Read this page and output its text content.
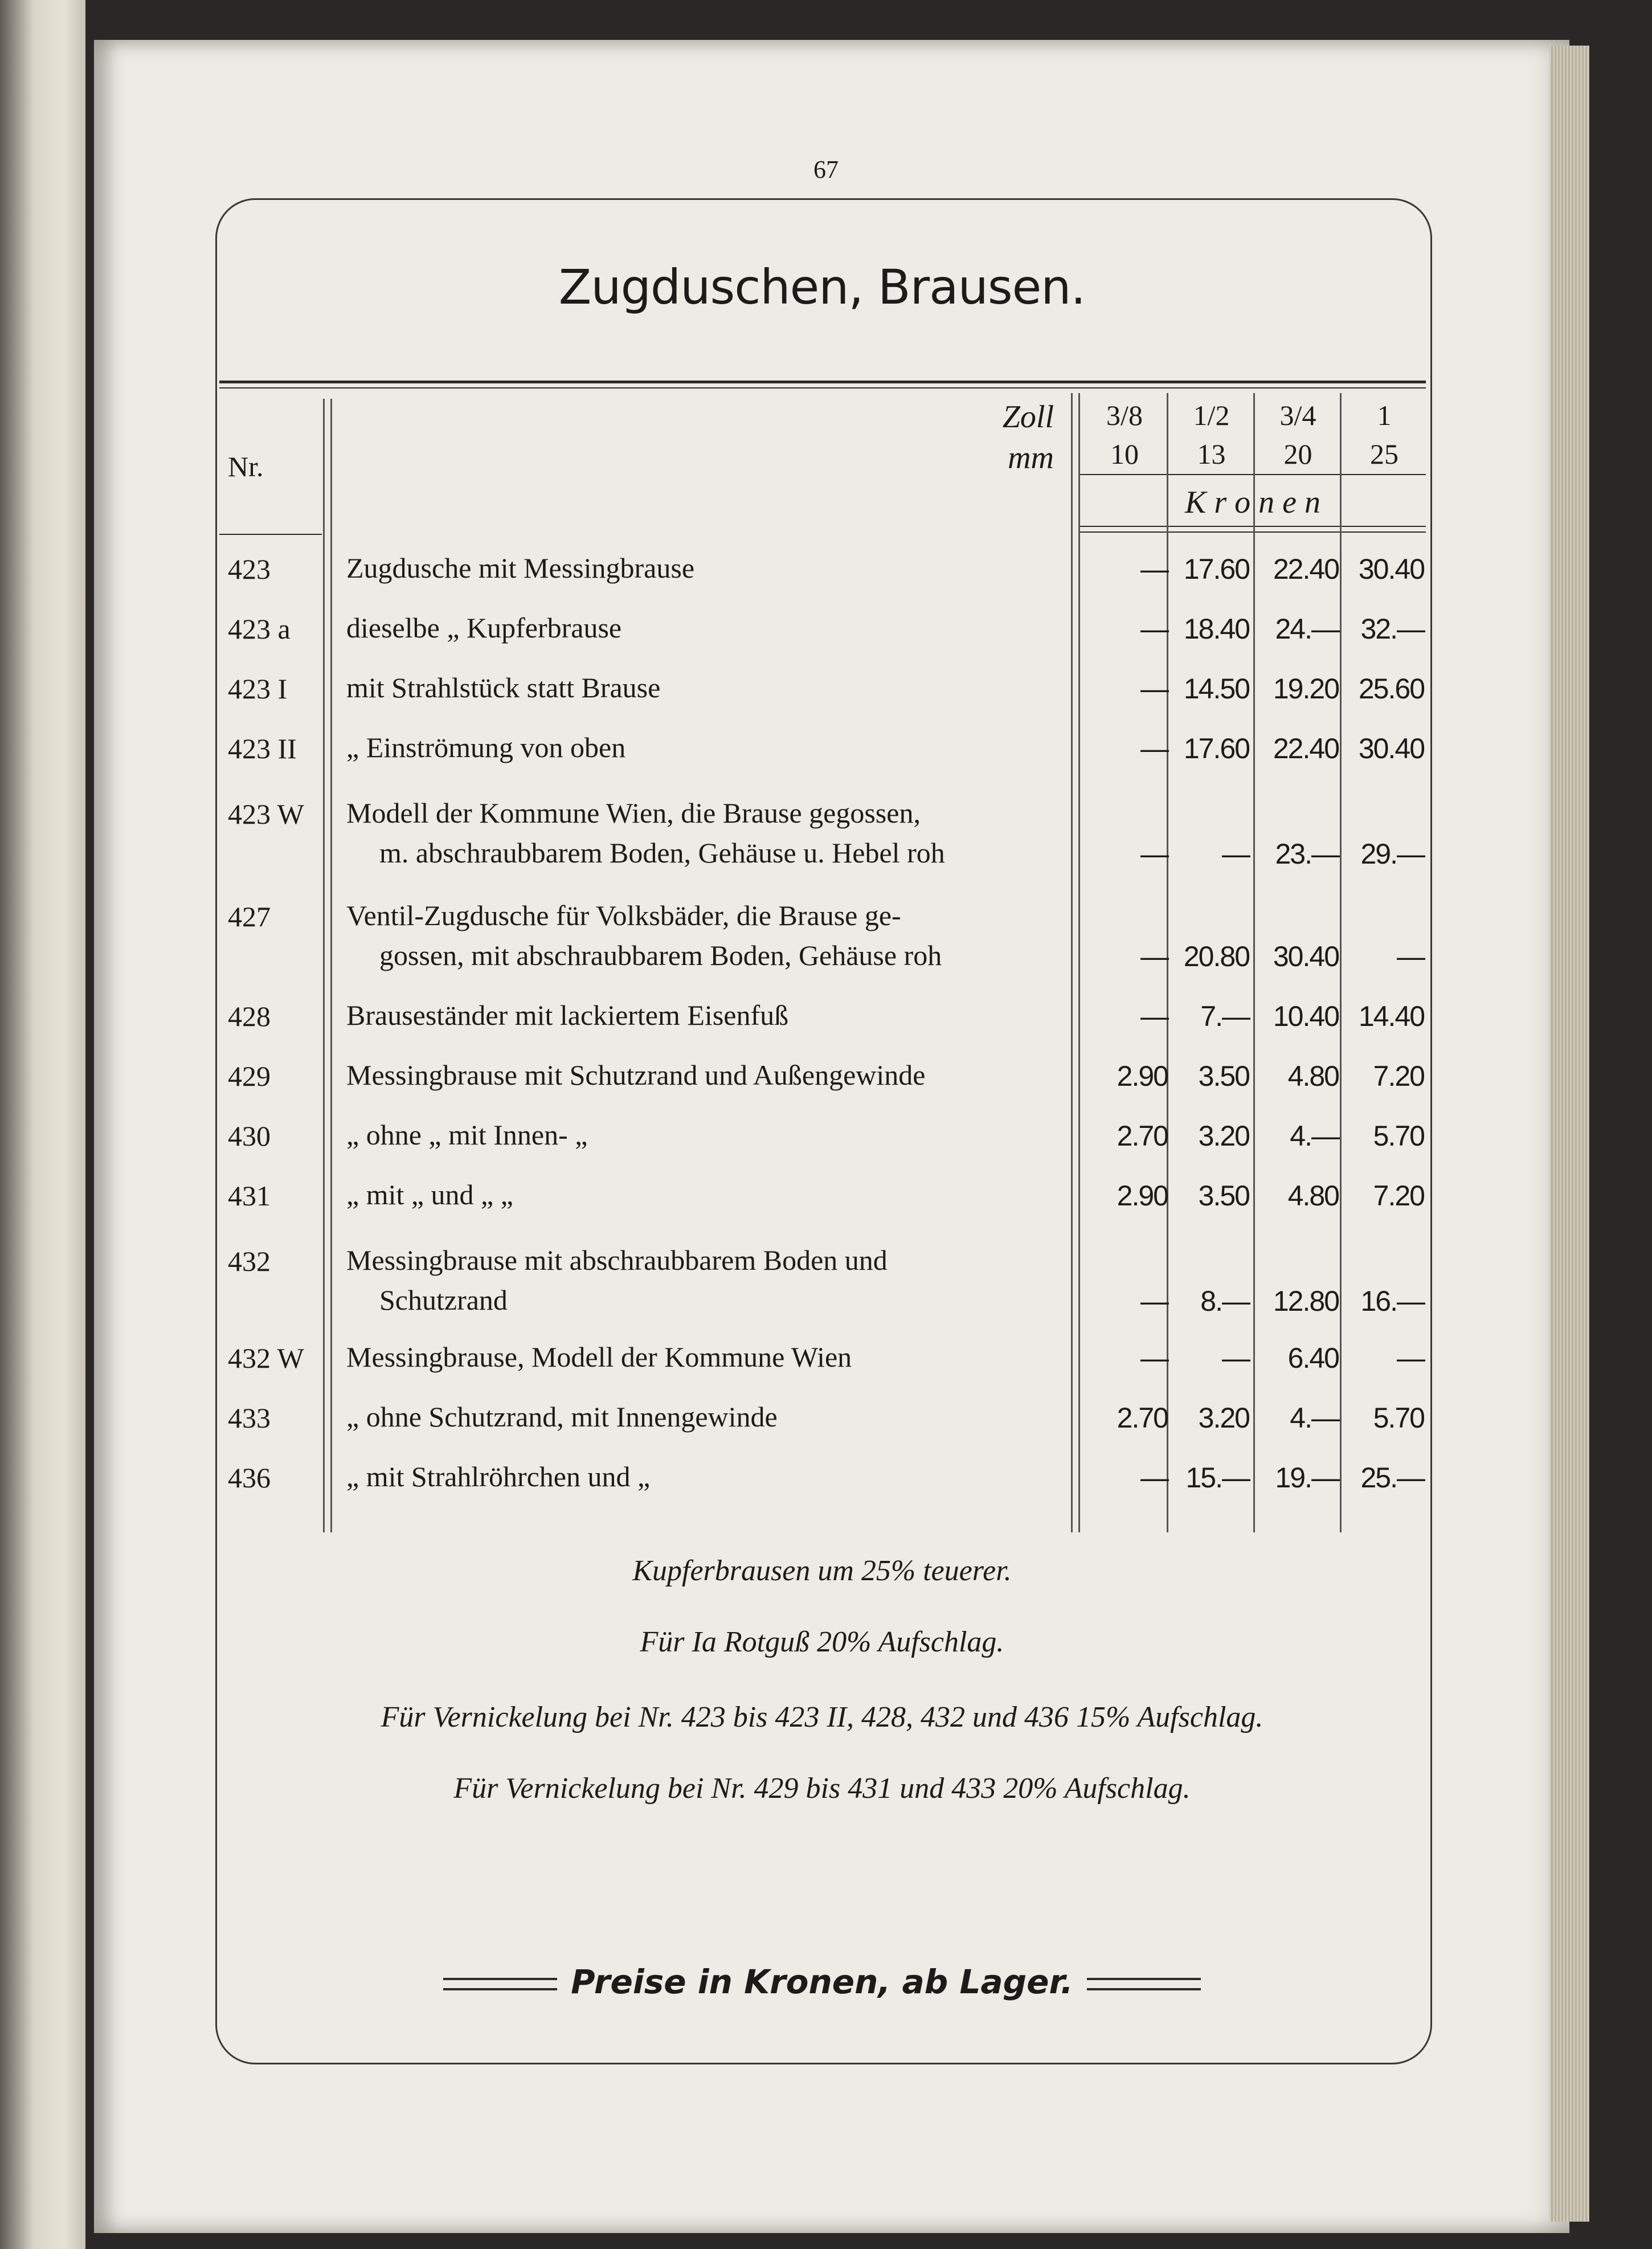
67
Zugduschen, Brausen.
Nr.
Zoll
mm
3/8	1/2	3/4	1
10	13	20	25
K r o n e n
423	Zugdusche mit Messingbrause	— 17.60 22.40 30.40
423 a	dieselbe „ Kupferbrause	— 18.40 24.— 32.—
423 I	mit Strahlstück statt Brause	— 14.50 19.20 25.60
423 II	„ Einströmung von oben	— 17.60 22.40 30.40
423 W	Modell der Kommune Wien, die Brause gegossen,
m. abschraubbarem Boden, Gehäuse u. Hebel roh	—	— 23.— 29.—
427	Ventil-Zugdusche für Volksbäder, die Brause ge-
gossen, mit abschraubbarem Boden, Gehäuse roh	— 20.80 30.40	—
428	Brauseständer mit lackiertem Eisenfuß	—	7.— 10.40 14.40
429	Messingbrause mit Schutzrand und Außengewinde	2.90	3.50	4.80	7.20
430	„ ohne „ mit Innen- „	2.70	3.20	4.—	5.70
431	„ mit „ und „ „	2.90	3.50	4.80	7.20
432	Messingbrause mit abschraubbarem Boden und
Schutzrand	—	8.— 12.80 16.—
432 W	Messingbrause, Modell der Kommune Wien	—	—	6.40	—
433	„ ohne Schutzrand, mit Innengewinde	2.70	3.20	4.—	5.70
436	„ mit Strahlröhrchen und „	— 15.— 19.— 25.—
Kupferbrausen um 25% teuerer.
Für Ia Rotguß 20% Aufschlag.
Für Vernickelung bei Nr. 423 bis 423 II, 428, 432 und 436 15% Aufschlag.
Für Vernickelung bei Nr. 429 bis 431 und 433 20% Aufschlag.
Preise in Kronen, ab Lager.
